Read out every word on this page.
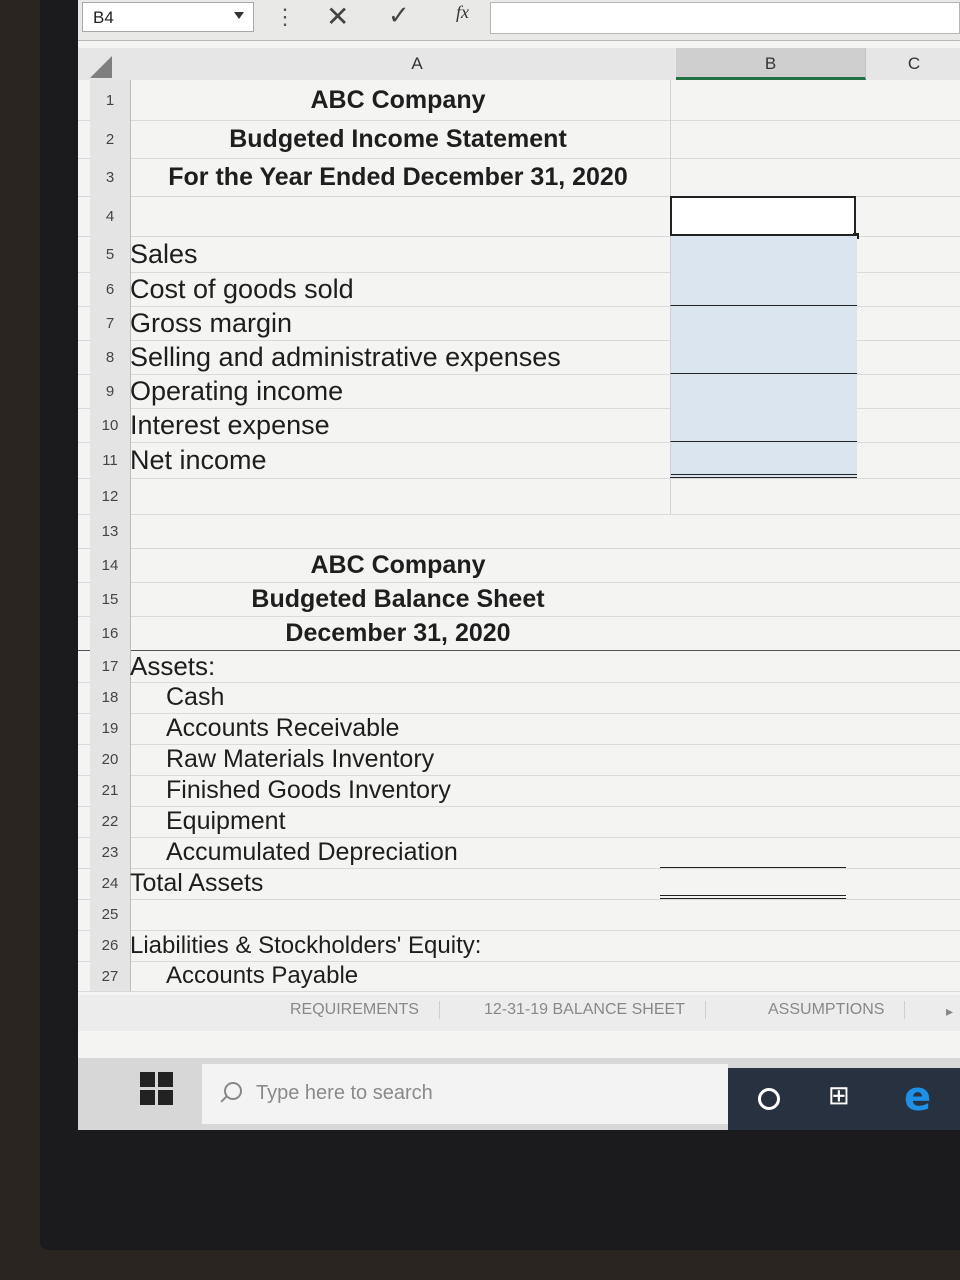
B4	⋮ ✕ ✓	fx
A	B	C
1	ABC Company
2	Budgeted Income Statement
3	For the Year Ended December 31, 2020
4
5 Sales
6 Cost of goods sold
7 Gross margin
8 Selling and administrative expenses
9 Operating income
10 Interest expense
11 Net income
12
13
14	ABC Company
15	Budgeted Balance Sheet
16	December 31, 2020
17 Assets:
18	Cash
19	Accounts Receivable
20	Raw Materials Inventory
21	Finished Goods Inventory
22	Equipment
23	Accumulated Depreciation
24 Total Assets
25
26 Liabilities & Stockholders' Equity:
27	Accounts Payable
REQUIREMENTS	12-31-19 BALANCE SHEET	ASSUMPTIONS	▸
Type here to search	⊞ e
